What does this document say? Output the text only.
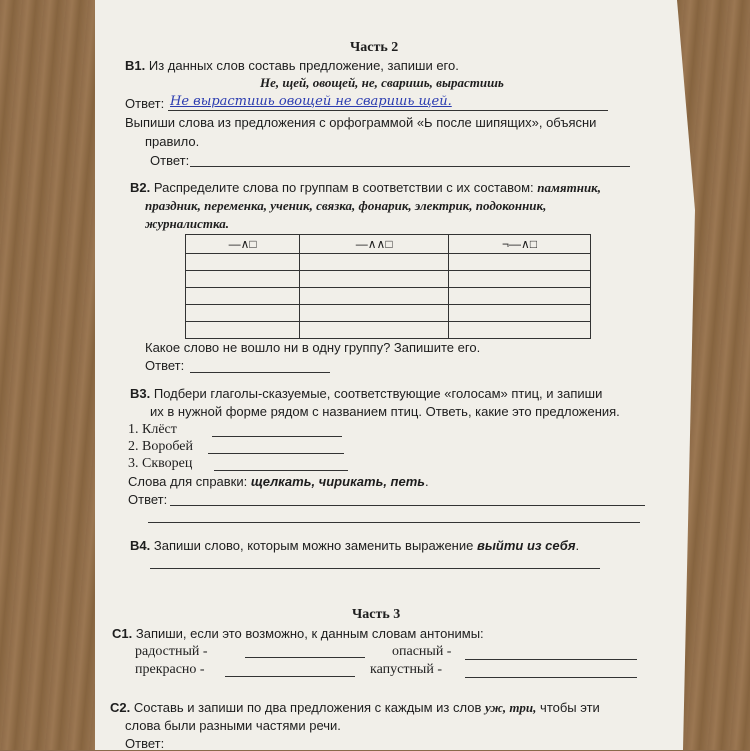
Часть 2
В1. Из данных слов составь предложение, запиши его.
Не, щей, овощей, не, сваришь, вырастишь
Ответ: Не вырастишь овощей не сваришь щей.
Выпиши слова из предложения с орфограммой «Ь после шипящих», объясни
правило.
Ответ:
В2. Распределите слова по группам в соответствии с их составом: памятник,
праздник, переменка, ученик, связка, фонарик, электрик, подоконник,
журналистка.
—∧□	—∧∧□	¬—∧□

Какое слово не вошло ни в одну группу? Запишите его.
Ответ:
В3. Подбери глаголы-сказуемые, соответствующие «голосам» птиц, и запиши
их в нужной форме рядом с названием птиц. Ответь, какие это предложения.
1. Клёст
2. Воробей
3. Скворец
Слова для справки: щелкать, чирикать, петь.
Ответ:
В4. Запиши слово, которым можно заменить выражение выйти из себя.
Часть 3
С1. Запиши, если это возможно, к данным словам антонимы:
радостный -	опасный -
прекрасно -	капустный -
С2. Составь и запиши по два предложения с каждым из слов уж, три, чтобы эти
слова были разными частями речи.
Ответ:
